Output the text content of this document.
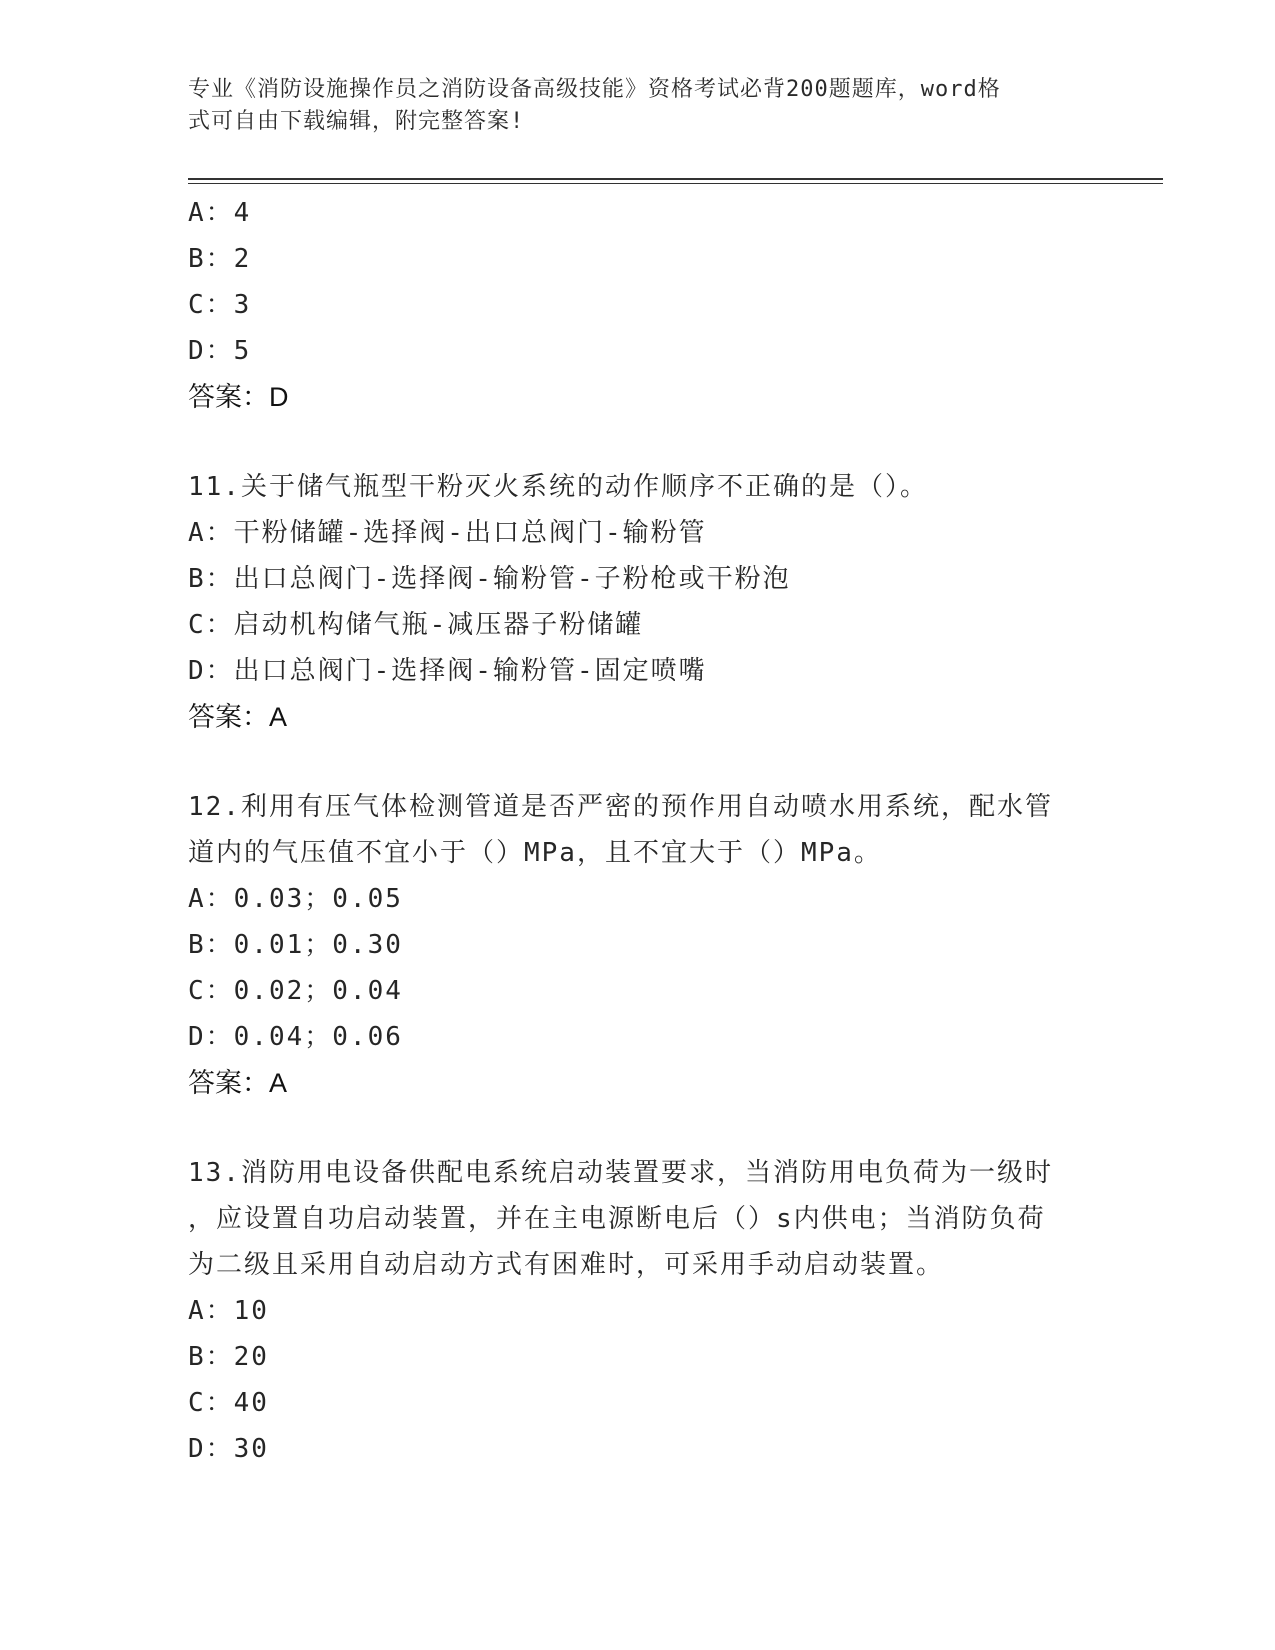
专业《消防设施操作员之消防设备高级技能》资格考试必背200题题库，word格
式可自由下载编辑，附完整答案!
A：4
B：2
C：3
D：5
答案：D
11.关于储气瓶型干粉灭火系统的动作顺序不正确的是（）。
A：干粉储罐-选择阀-出口总阀门-输粉管
B：出口总阀门-选择阀-输粉管-子粉枪或干粉泡
C：启动机构储气瓶-减压器子粉储罐
D：出口总阀门-选择阀-输粉管-固定喷嘴
答案：A
12.利用有压气体检测管道是否严密的预作用自动喷水用系统，配水管
道内的气压值不宜小于（）MPa，且不宜大于（）MPa。
A：0.03；0.05
B：0.01；0.30
C：0.02；0.04
D：0.04；0.06
答案：A
13.消防用电设备供配电系统启动装置要求，当消防用电负荷为一级时
，应设置自功启动装置，并在主电源断电后（）s内供电；当消防负荷
为二级且采用自动启动方式有困难时，可采用手动启动装置。
A：10
B：20
C：40
D：30
